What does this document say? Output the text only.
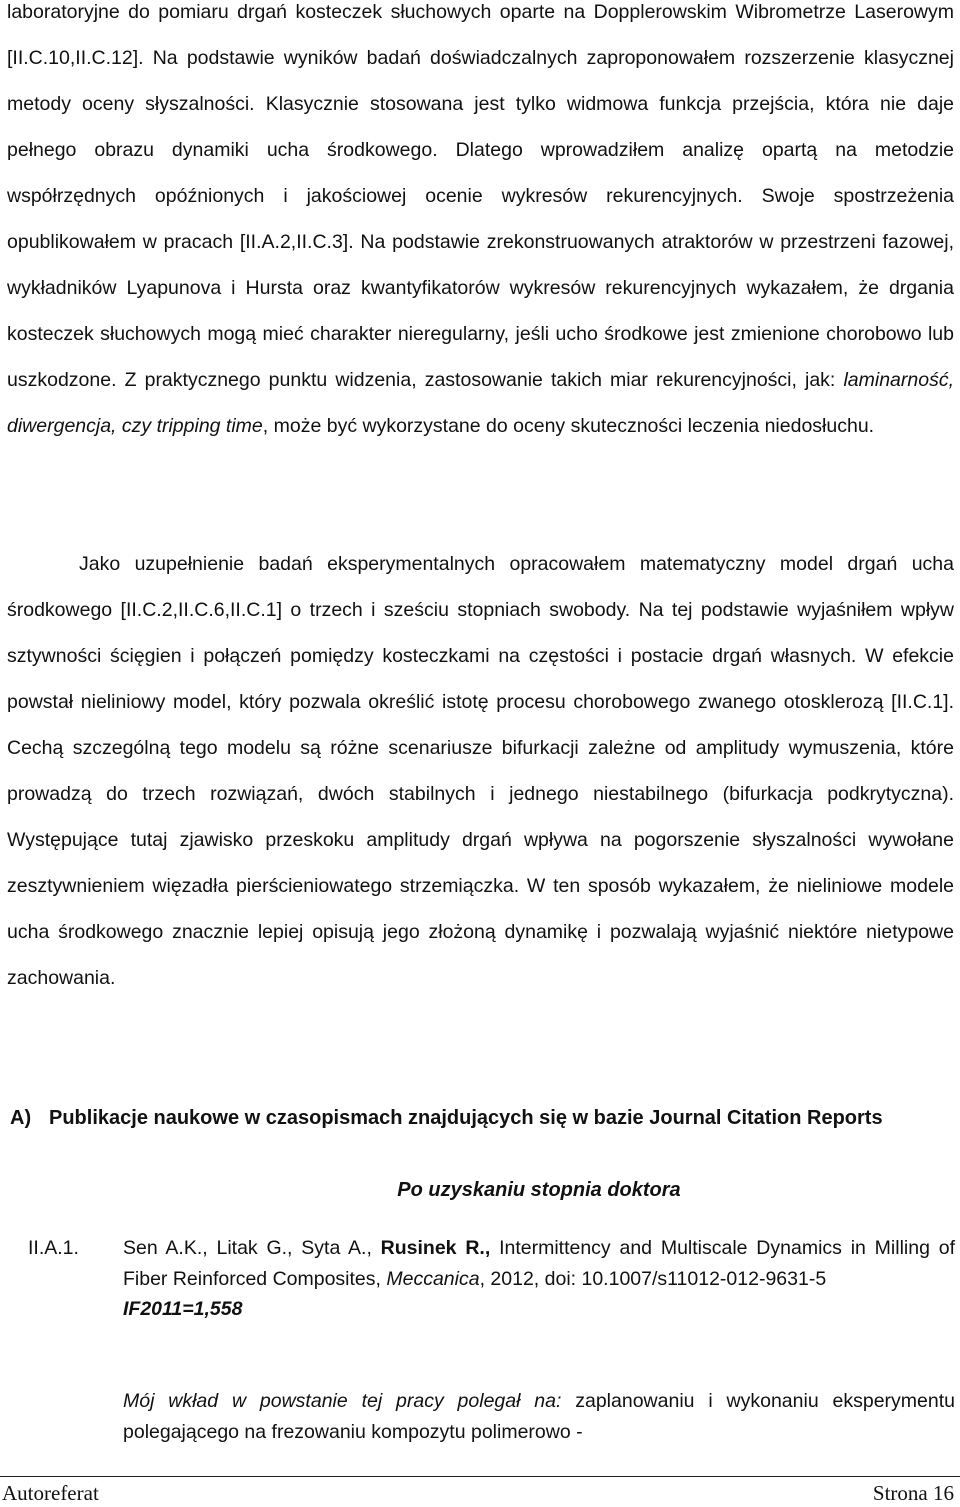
laboratoryjne do pomiaru drgań kosteczek słuchowych oparte na Dopplerowskim Wibrometrze Laserowym [II.C.10,II.C.12]. Na podstawie wyników badań doświadczalnych zaproponowałem rozszerzenie klasycznej metody oceny słyszalności. Klasycznie stosowana jest tylko widmowa funkcja przejścia, która nie daje pełnego obrazu dynamiki ucha środkowego. Dlatego wprowadziłem analizę opartą na metodzie współrzędnych opóźnionych i jakościowej ocenie wykresów rekurencyjnych. Swoje spostrzeżenia opublikowałem w pracach [II.A.2,II.C.3]. Na podstawie zrekonstruowanych atraktorów w przestrzeni fazowej, wykładników Lyapunova i Hursta oraz kwantyfikatorów wykresów rekurencyjnych wykazałem, że drgania kosteczek słuchowych mogą mieć charakter nieregularny, jeśli ucho środkowe jest zmienione chorobowo lub uszkodzone. Z praktycznego punktu widzenia, zastosowanie takich miar rekurencyjności, jak: laminarność, diwergencja, czy tripping time, może być wykorzystane do oceny skuteczności leczenia niedosłuchu.

Jako uzupełnienie badań eksperymentalnych opracowałem matematyczny model drgań ucha środkowego [II.C.2,II.C.6,II.C.1] o trzech i sześciu stopniach swobody. Na tej podstawie wyjaśniłem wpływ sztywności ścięgien i połączeń pomiędzy kosteczkami na częstości i postacie drgań własnych. W efekcie powstał nieliniowy model, który pozwala określić istotę procesu chorobowego zwanego otosklerozą [II.C.1]. Cechą szczególną tego modelu są różne scenariusze bifurkacji zależne od amplitudy wymuszenia, które prowadzą do trzech rozwiązań, dwóch stabilnych i jednego niestabilnego (bifurkacja podkrytyczna). Występujące tutaj zjawisko przeskoku amplitudy drgań wpływa na pogorszenie słyszalności wywołane zesztywnieniem więzadła pierścieniowatego strzemiączka. W ten sposób wykazałem, że nieliniowe modele ucha środkowego znacznie lepiej opisują jego złożoną dynamikę i pozwalają wyjaśnić niektóre nietypowe zachowania.

A) Publikacje naukowe w czasopismach znajdujących się w bazie Journal Citation Reports
Po uzyskaniu stopnia doktora
II.A.1. Sen A.K., Litak G., Syta A., Rusinek R., Intermittency and Multiscale Dynamics in Milling of Fiber Reinforced Composites, Meccanica, 2012, doi: 10.1007/s11012-012-9631-5
IF2011=1,558
Mój wkład w powstanie tej pracy polegał na: zaplanowaniu i wykonaniu eksperymentu polegającego na frezowaniu kompozytu polimerowo -
Autoreferat	Strona 16
